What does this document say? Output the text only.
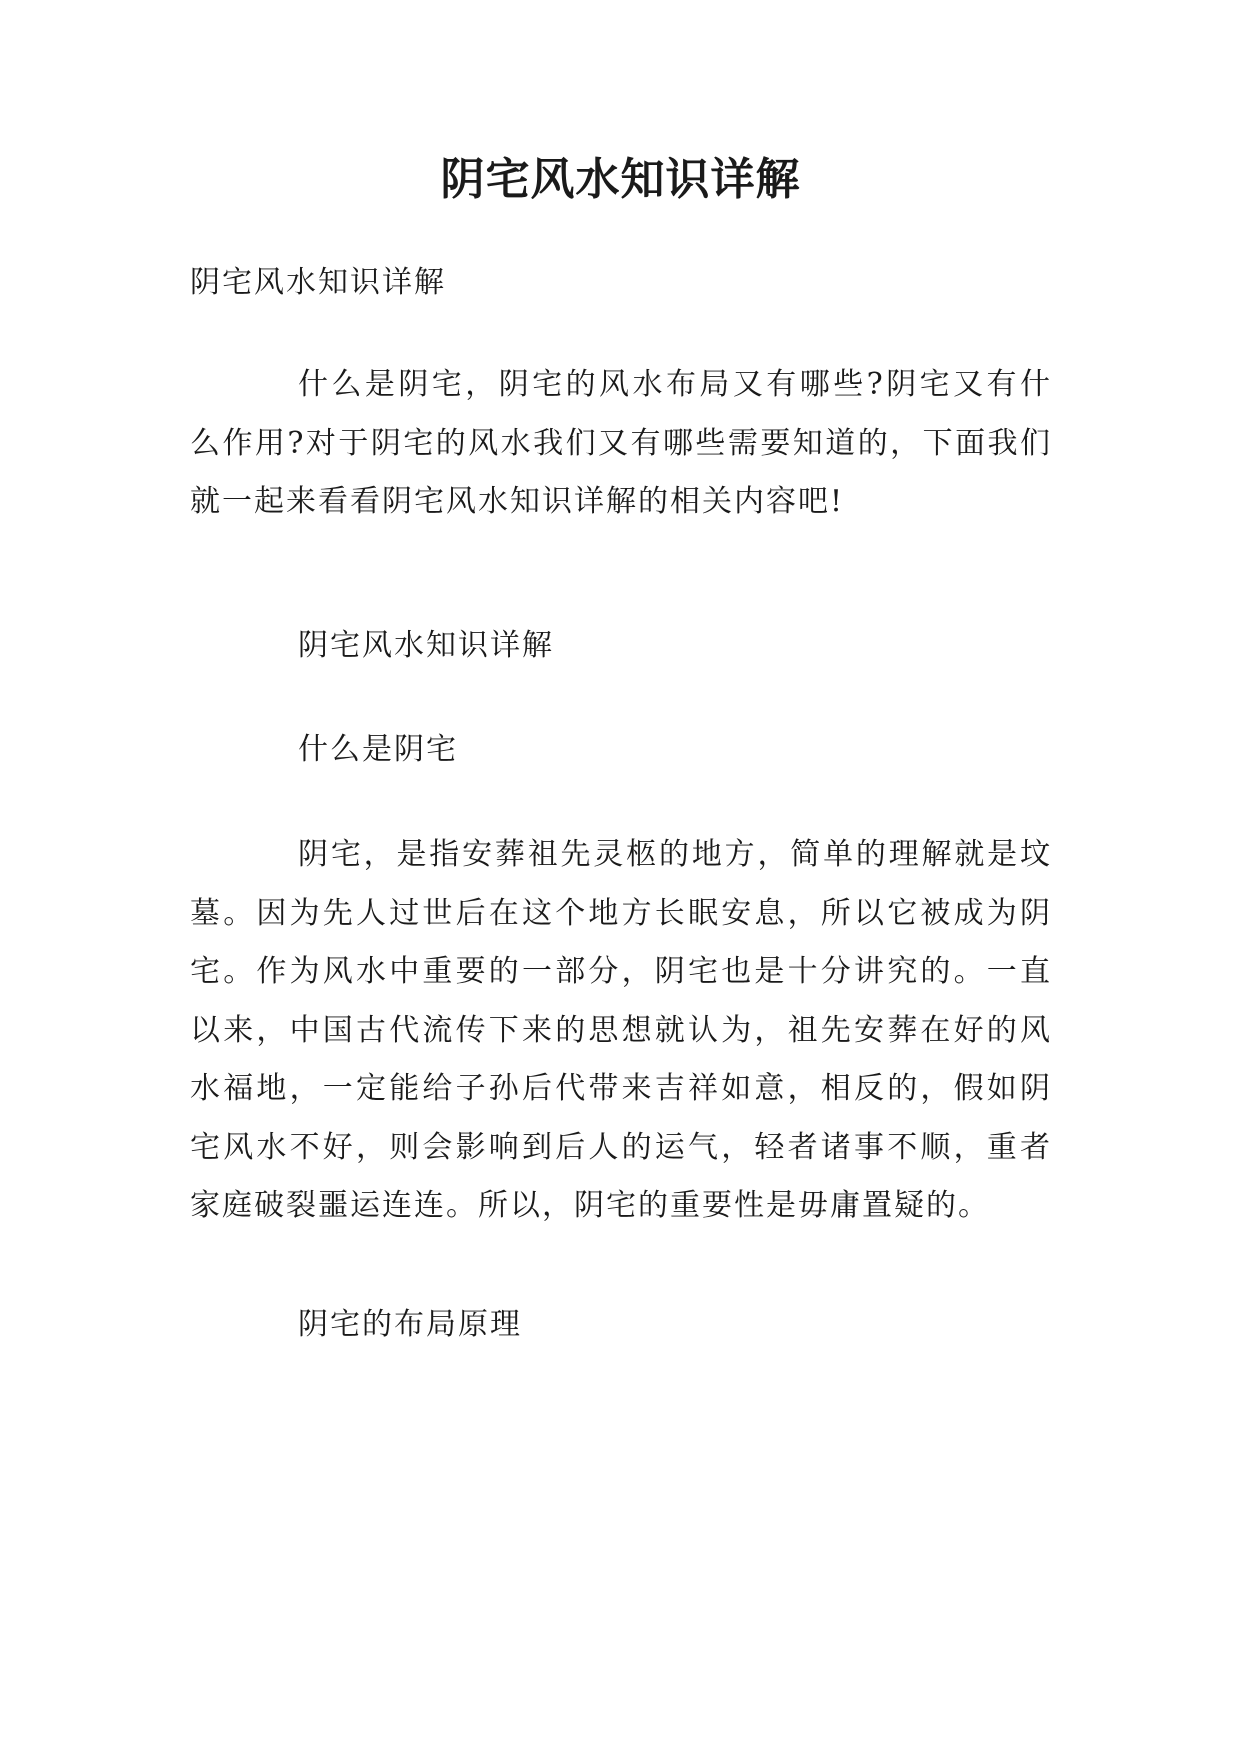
阴宅风水知识详解

阴宅风水知识详解

什么是阴宅，阴宅的风水布局又有哪些?阴宅又有什么作用?对于阴宅的风水我们又有哪些需要知道的，下面我们就一起来看看阴宅风水知识详解的相关内容吧!

阴宅风水知识详解

什么是阴宅

阴宅，是指安葬祖先灵柩的地方，简单的理解就是坟墓。因为先人过世后在这个地方长眠安息，所以它被成为阴宅。作为风水中重要的一部分，阴宅也是十分讲究的。一直以来，中国古代流传下来的思想就认为，祖先安葬在好的风水福地，一定能给子孙后代带来吉祥如意，相反的，假如阴宅风水不好，则会影响到后人的运气，轻者诸事不顺，重者家庭破裂噩运连连。所以，阴宅的重要性是毋庸置疑的。

阴宅的布局原理
